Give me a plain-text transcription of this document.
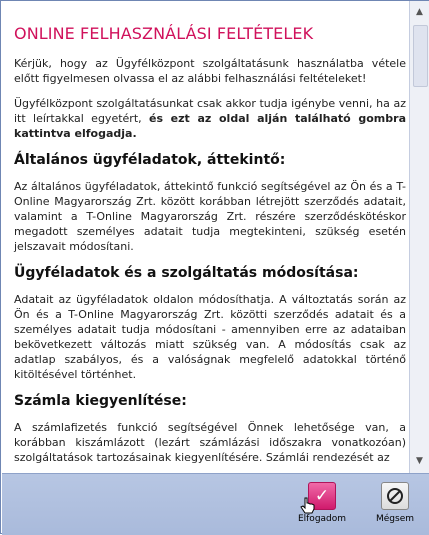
ONLINE FELHASZNÁLÁSI FELTÉTELEK

Kérjük, hogy az Ügyfélközpont szolgáltatásunk használatba vétele előtt figyelmesen olvassa el az alábbi felhasználási feltételeket!

Ügyfélközpont szolgáltatásunkat csak akkor tudja igénybe venni, ha az itt leírtakkal egyetért, és ezt az oldal alján található gombra kattintva elfogadja.

Általános ügyféladatok, áttekintő:

Az általános ügyféladatok, áttekintő funkció segítségével az Ön és a T-Online Magyarország Zrt. között korábban létrejött szerződés adatait, valamint a T-Online Magyarország Zrt. részére szerződéskötéskor megadott személyes adatait tudja megtekinteni, szükség esetén jelszavait módosítani.

Ügyféladatok és a szolgáltatás módosítása:

Adatait az ügyféladatok oldalon módosíthatja. A változtatás során az Ön és a T-Online Magyarország Zrt. közötti szerződés adatait és a személyes adatait tudja módosítani - amennyiben erre az adataiban bekövetkezett változás miatt szükség van. A módosítás csak az adatlap szabályos, és a valóságnak megfelelő adatokkal történő kitöltésével történhet.

Számla kiegyenlítése:

A számlafizetés funkció segítségével Önnek lehetősége van, a korábban kiszámlázott (lezárt számlázási időszakra vonatkozóan) szolgáltatások tartozásainak kiegyenlítésére. Számlái rendezését az

▲
▼
✓
Elfogadom	Mégsem
